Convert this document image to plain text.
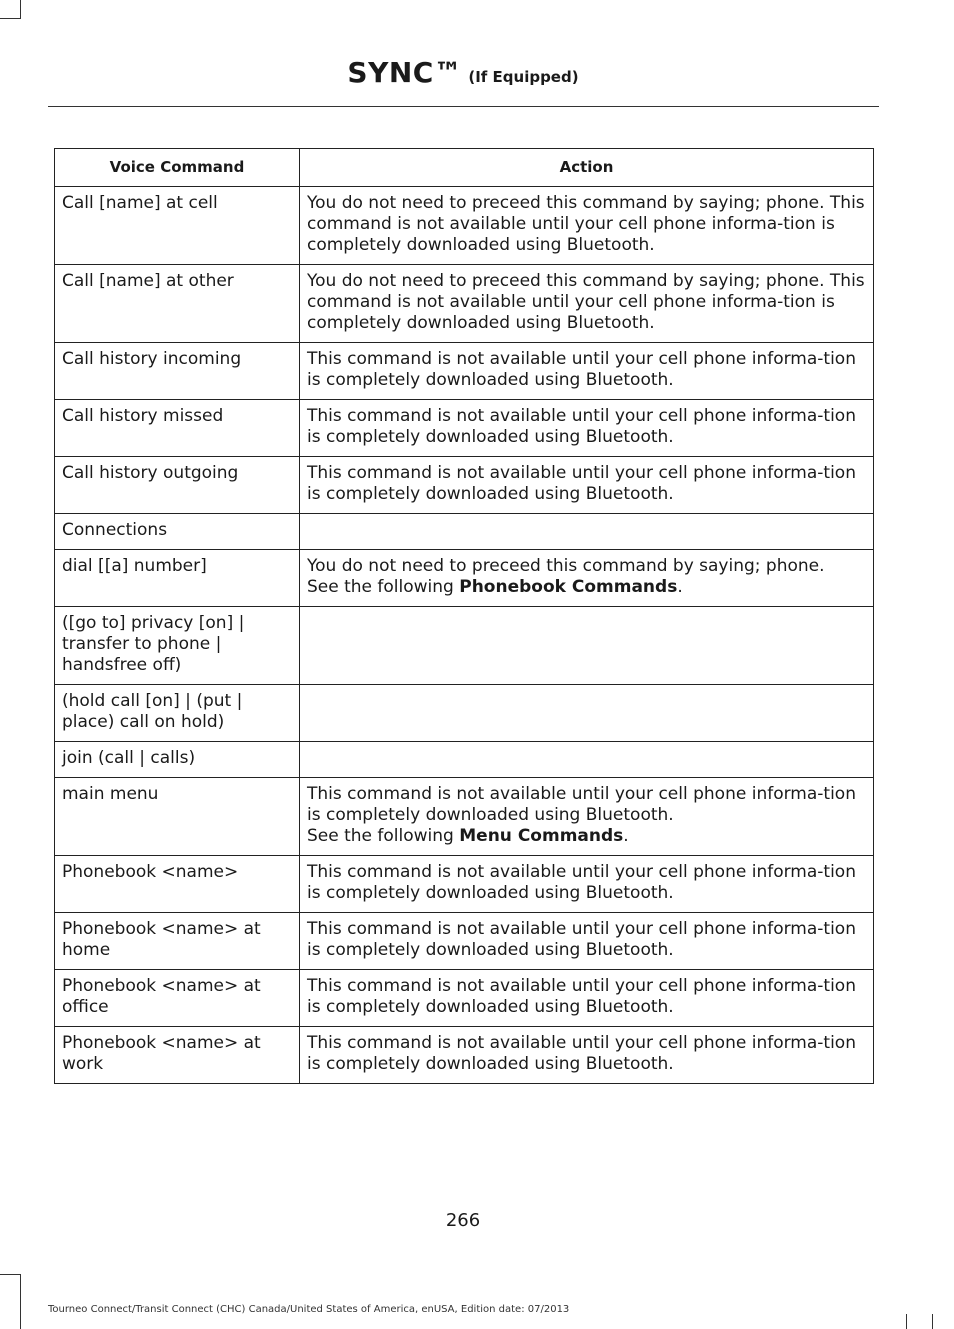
SYNC™ (If Equipped)
Voice Command	Action
Call [name] at cell	You do not need to preceed this command by saying; phone. This command is not available until your cell phone informa-tion is completely downloaded using Bluetooth.
Call [name] at other	You do not need to preceed this command by saying; phone. This command is not available until your cell phone informa-tion is completely downloaded using Bluetooth.
Call history incoming	This command is not available until your cell phone informa-tion is completely downloaded using Bluetooth.
Call history missed	This command is not available until your cell phone informa-tion is completely downloaded using Bluetooth.
Call history outgoing	This command is not available until your cell phone informa-tion is completely downloaded using Bluetooth.
Connections	
dial [[a] number]	You do not need to preceed this command by saying; phone.
See the following Phonebook Commands.

([go to] privacy [on] | transfer to phone | handsfree off)	
(hold call [on] | (put | place) call on hold)	
join (call | calls)	
main menu	This command is not available until your cell phone informa-tion is completely downloaded using Bluetooth.
See the following Menu Commands.

Phonebook <name>	This command is not available until your cell phone informa-tion is completely downloaded using Bluetooth.
Phonebook <name> at home	This command is not available until your cell phone informa-tion is completely downloaded using Bluetooth.
Phonebook <name> at office	This command is not available until your cell phone informa-tion is completely downloaded using Bluetooth.
Phonebook <name> at work	This command is not available until your cell phone informa-tion is completely downloaded using Bluetooth.
266
Tourneo Connect/Transit Connect (CHC) Canada/United States of America, enUSA, Edition date: 07/2013
